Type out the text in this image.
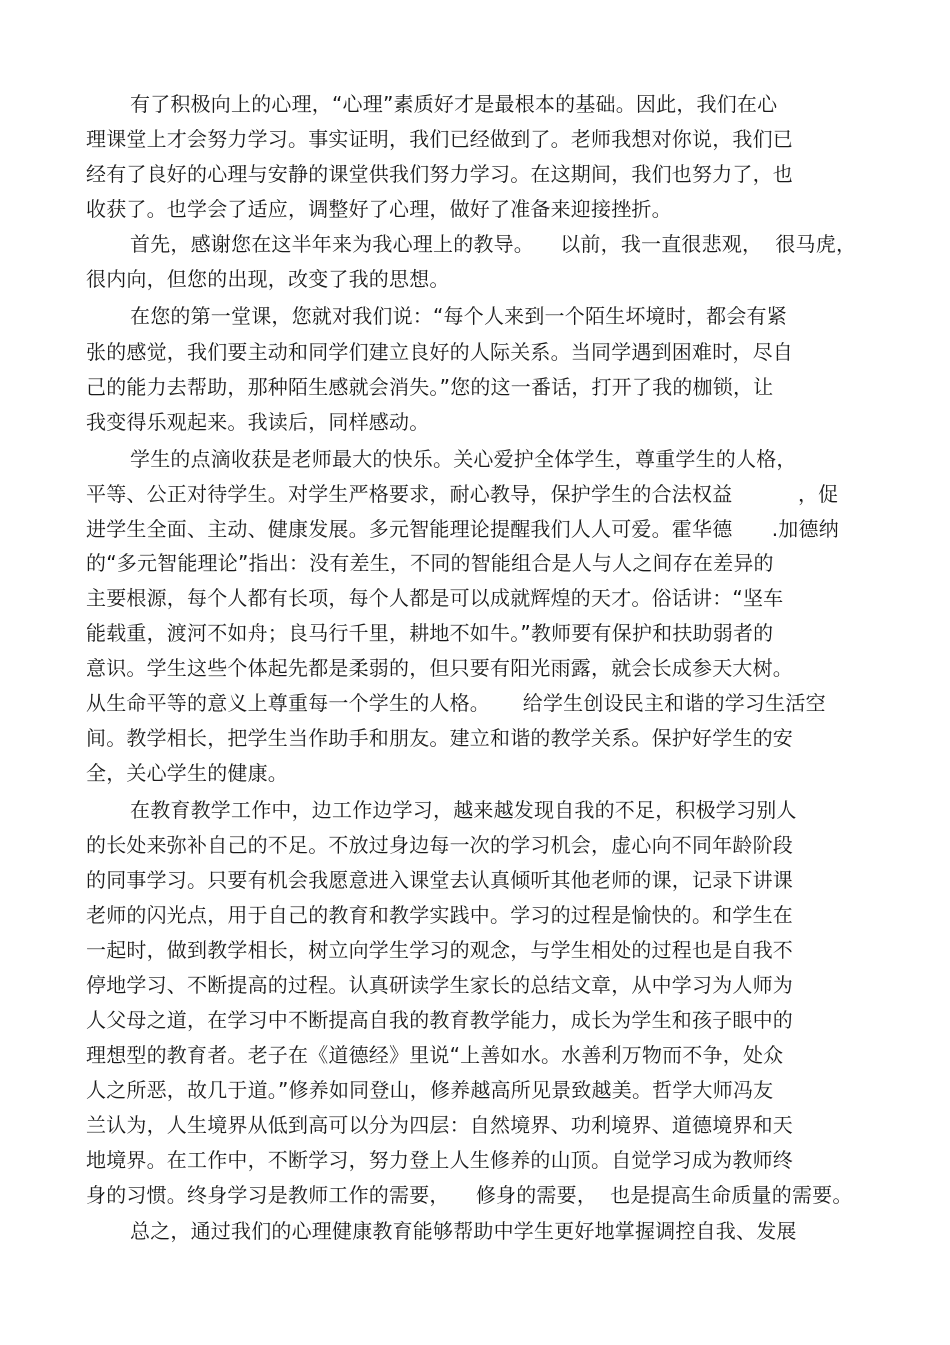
有了积极向上的心理，“心理”素质好才是最根本的基础。因此，我们在心
理课堂上才会努力学习。事实证明，我们已经做到了。老师我想对你说，我们已
经有了良好的心理与安静的课堂供我们努力学习。在这期间，我们也努力了，也
收获了。也学会了适应，调整好了心理，做好了准备来迎接挫折。
首先，感谢您在这半年来为我心理上的教导。    以前，我一直很悲观，  很马虎，
很内向，但您的出现，改变了我的思想。
在您的第一堂课，您就对我们说：“每个人来到一个陌生坏境时，都会有紧
张的感觉，我们要主动和同学们建立良好的人际关系。当同学遇到困难时，尽自
己的能力去帮助，那种陌生感就会消失。”您的这一番话，打开了我的枷锁，让
我变得乐观起来。我读后，同样感动。
学生的点滴收获是老师最大的快乐。关心爱护全体学生，尊重学生的人格，
平等、公正对待学生。对学生严格要求，耐心教导，保护学生的合法权益          ，促
进学生全面、主动、健康发展。多元智能理论提醒我们人人可爱。霍华德      .加德纳
的“多元智能理论”指出：没有差生，不同的智能组合是人与人之间存在差异的
主要根源，每个人都有长项，每个人都是可以成就辉煌的天才。俗话讲：“坚车
能载重，渡河不如舟；良马行千里，耕地不如牛。”教师要有保护和扶助弱者的
意识。学生这些个体起先都是柔弱的，但只要有阳光雨露，就会长成参天大树。
从生命平等的意义上尊重每一个学生的人格。     给学生创设民主和谐的学习生活空
间。教学相长，把学生当作助手和朋友。建立和谐的教学关系。保护好学生的安
全，关心学生的健康。
在教育教学工作中，边工作边学习，越来越发现自我的不足，积极学习别人
的长处来弥补自己的不足。不放过身边每一次的学习机会，虚心向不同年龄阶段
的同事学习。只要有机会我愿意进入课堂去认真倾听其他老师的课，记录下讲课
老师的闪光点，用于自己的教育和教学实践中。学习的过程是愉快的。和学生在
一起时，做到教学相长，树立向学生学习的观念，与学生相处的过程也是自我不
停地学习、不断提高的过程。认真研读学生家长的总结文章，从中学习为人师为
人父母之道，在学习中不断提高自我的教育教学能力，成长为学生和孩子眼中的
理想型的教育者。老子在《道德经》里说“上善如水。水善利万物而不争，处众
人之所恶，故几于道。”修养如同登山，修养越高所见景致越美。哲学大师冯友
兰认为，人生境界从低到高可以分为四层：自然境界、功利境界、道德境界和天
地境界。在工作中，不断学习，努力登上人生修养的山顶。自觉学习成为教师终
身的习惯。终身学习是教师工作的需要，    修身的需要，  也是提高生命质量的需要。
总之，通过我们的心理健康教育能够帮助中学生更好地掌握调控自我、发展
